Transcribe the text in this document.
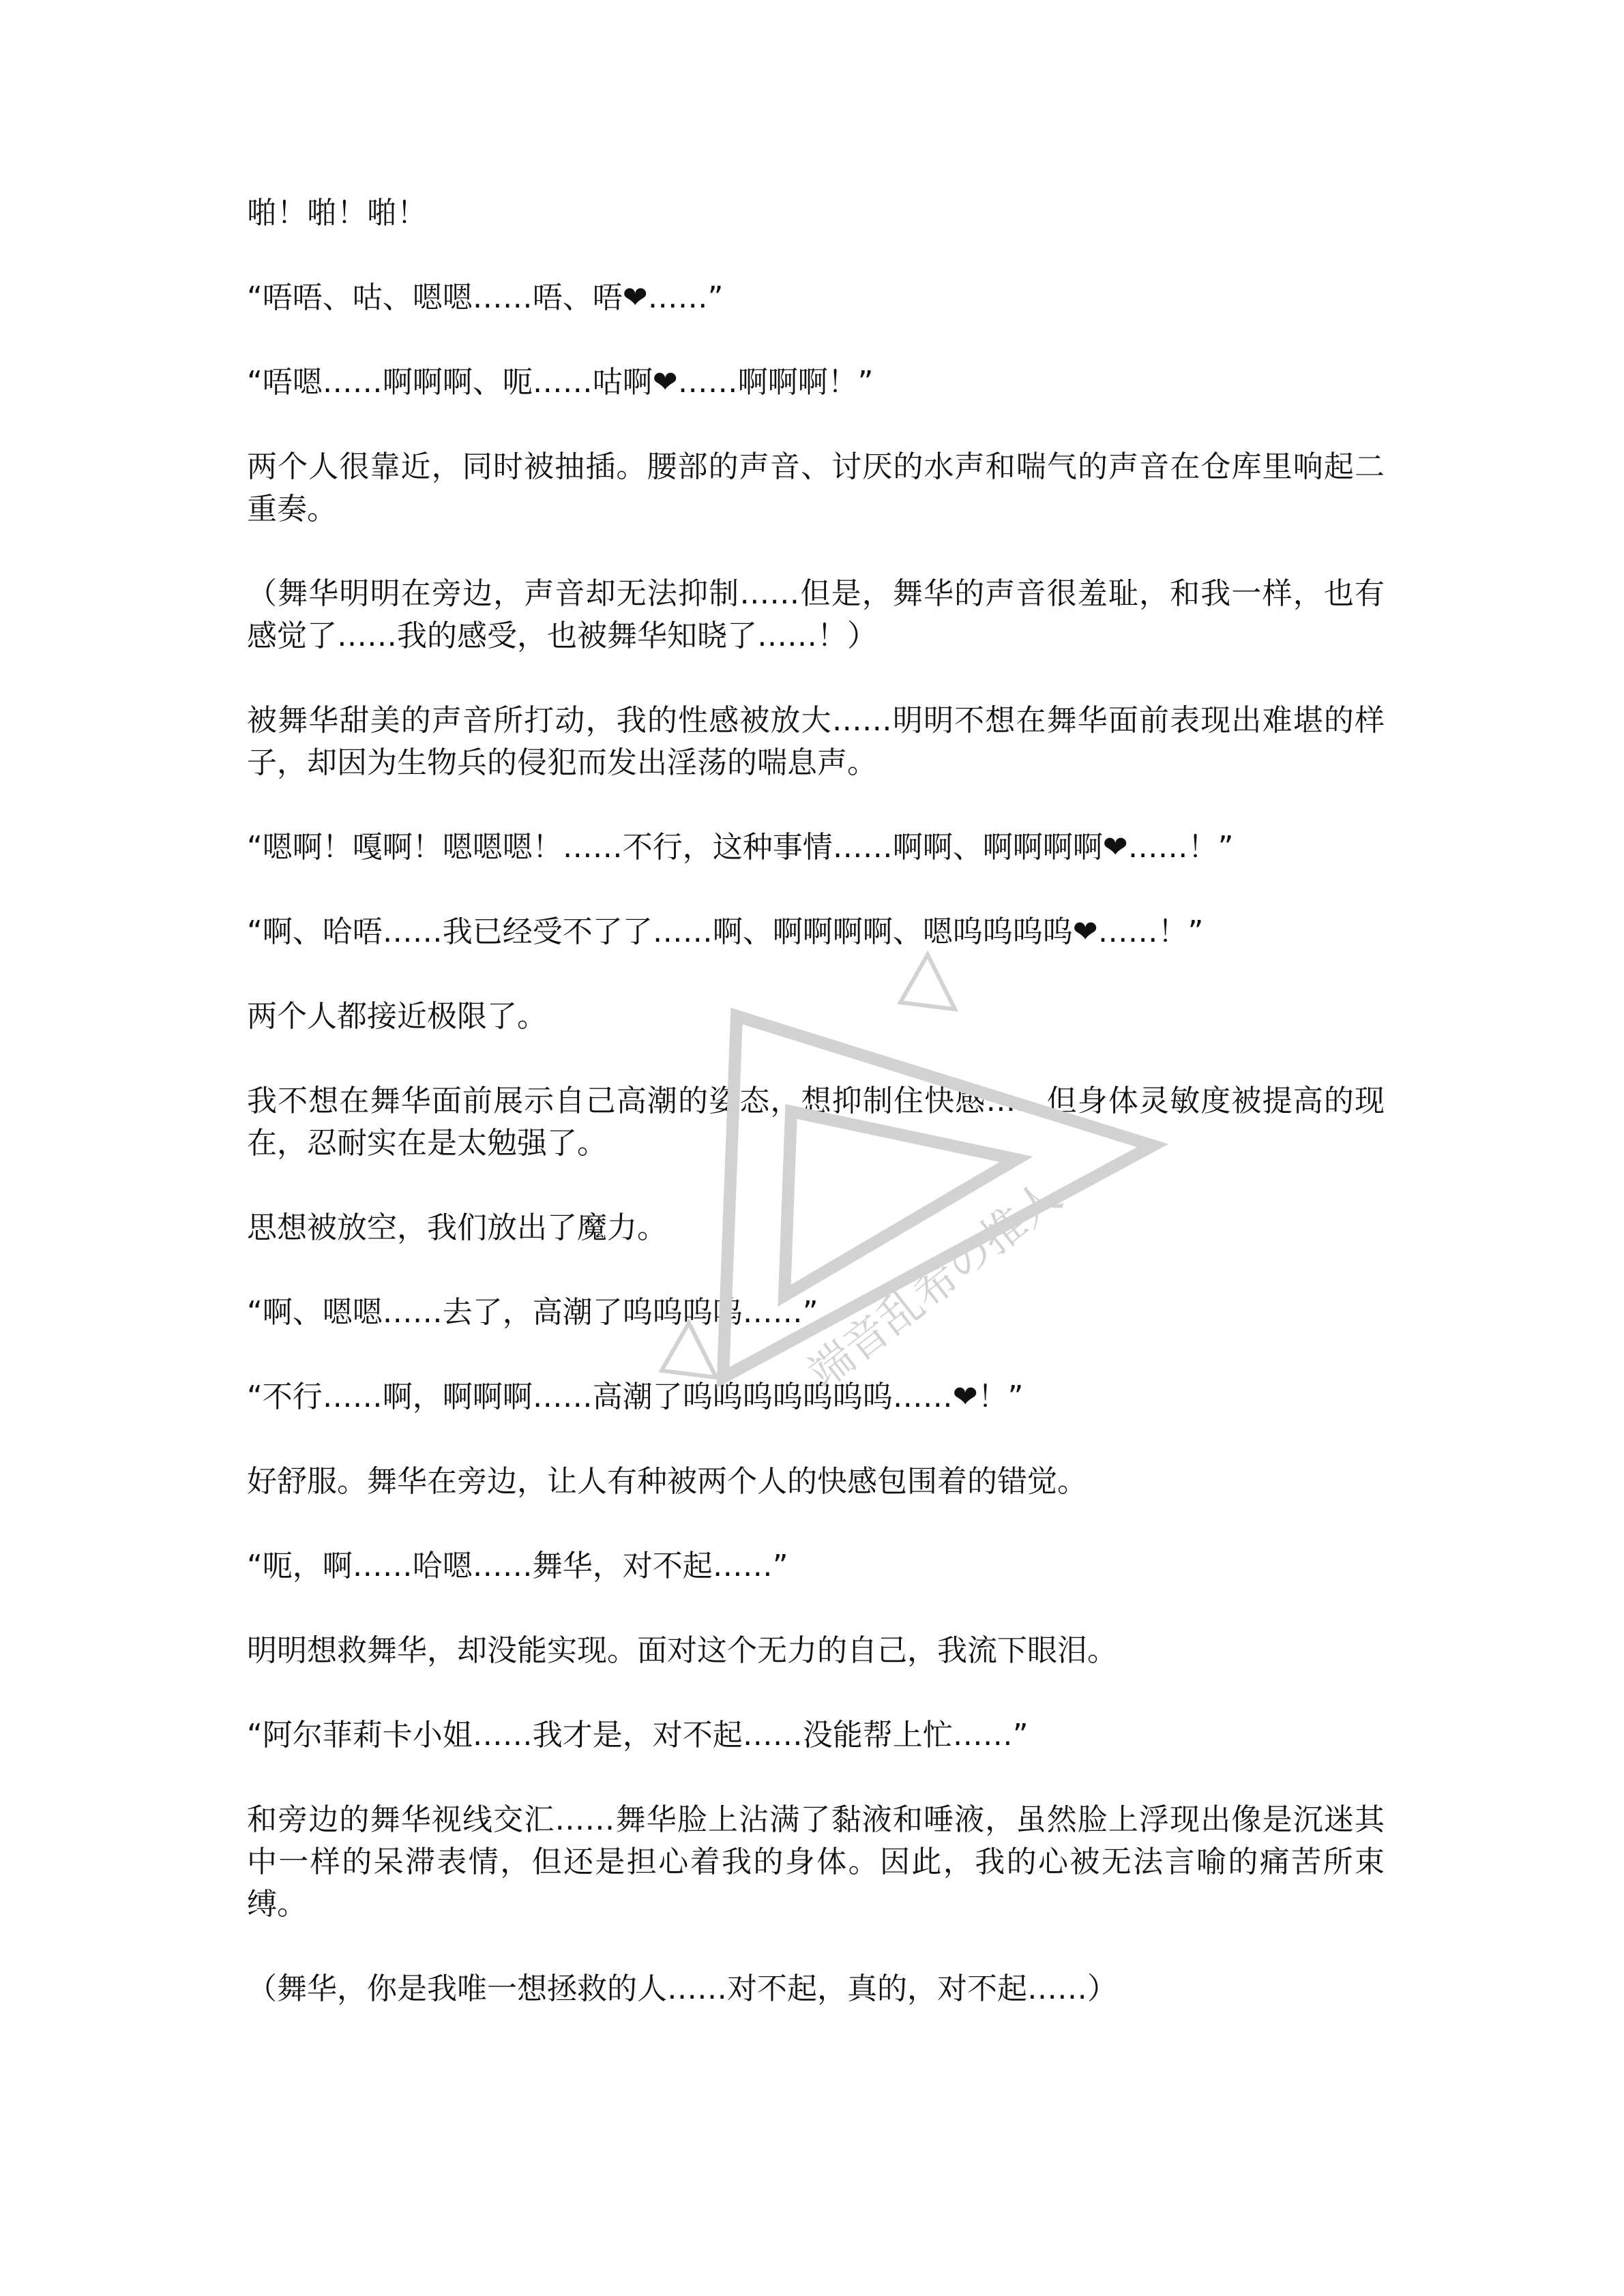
啪！啪！啪！

“唔唔、咕、嗯嗯……唔、唔❤……”

“唔嗯……啊啊啊、呃……咕啊❤……啊啊啊！”

两个人很靠近，同时被抽插。腰部的声音、讨厌的水声和喘气的声音在仓库里响起二重奏。

（舞华明明在旁边，声音却无法抑制……但是，舞华的声音很羞耻，和我一样，也有感觉了……我的感受，也被舞华知晓了……！）

被舞华甜美的声音所打动，我的性感被放大……明明不想在舞华面前表现出难堪的样子，却因为生物兵的侵犯而发出淫荡的喘息声。

“嗯啊！嘎啊！嗯嗯嗯！……不行，这种事情……啊啊、啊啊啊啊❤……！”

“啊、哈唔……我已经受不了了……啊、啊啊啊啊、嗯呜呜呜呜❤……！”

两个人都接近极限了。

我不想在舞华面前展示自己高潮的姿态，想抑制住快感……但身体灵敏度被提高的现在，忍耐实在是太勉强了。

思想被放空，我们放出了魔力。

“啊、嗯嗯……去了，高潮了呜呜呜呜……”

“不行……啊，啊啊啊……高潮了呜呜呜呜呜呜呜……❤！”

好舒服。舞华在旁边，让人有种被两个人的快感包围着的错觉。

“呃，啊……哈嗯……舞华，对不起……”

明明想救舞华，却没能实现。面对这个无力的自己，我流下眼泪。

“阿尔菲莉卡小姐……我才是，对不起……没能帮上忙……”

和旁边的舞华视线交汇……舞华脸上沾满了黏液和唾液，虽然脸上浮现出像是沉迷其中一样的呆滞表情，但还是担心着我的身体。因此，我的心被无法言喻的痛苦所束缚。

（舞华，你是我唯一想拯救的人……对不起，真的，对不起……）

端音乱希の推人
